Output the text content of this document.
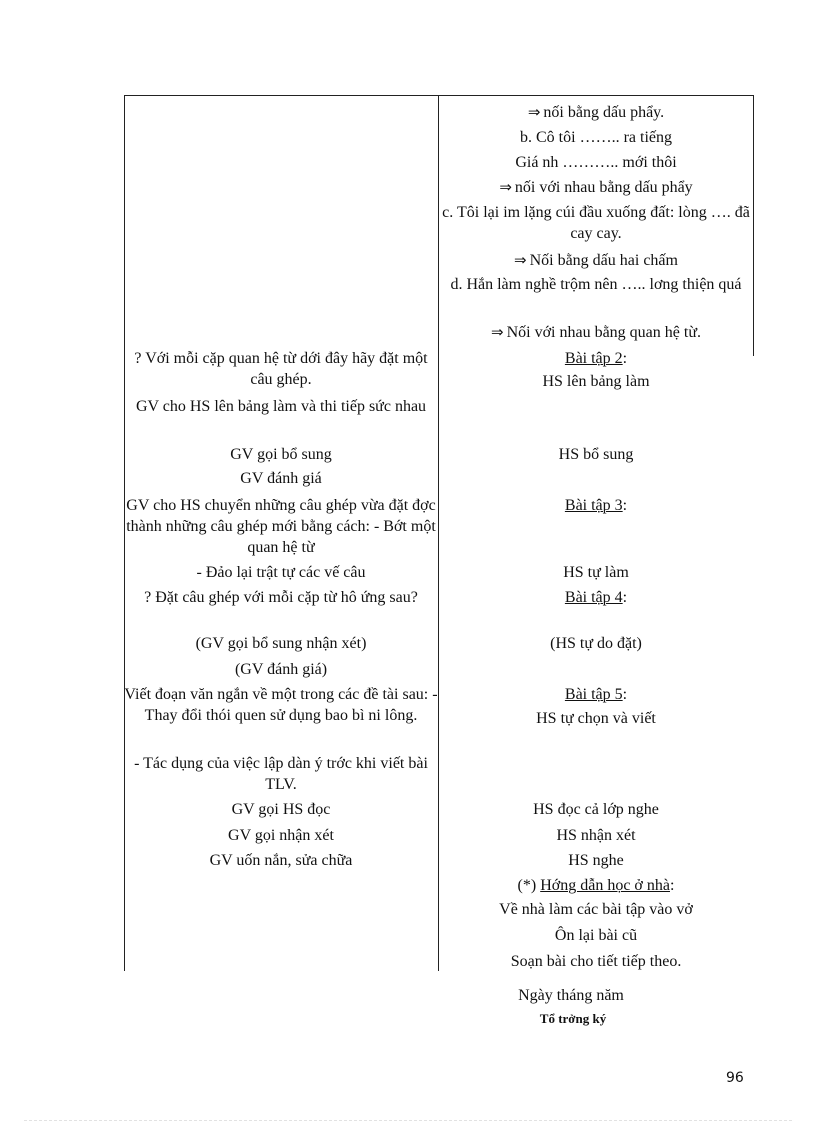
? Với mỗi cặp quan hệ từ dới đây hãy đặt một câu ghép.
GV cho HS lên bảng làm và thi tiếp sức nhau
GV gọi bổ sung
GV đánh giá
GV cho HS chuyển những câu ghép vừa đặt đợc thành những câu ghép mới bằng cách: - Bớt một quan hệ từ
- Đảo lại trật tự các vế câu
? Đặt câu ghép với mỗi cặp từ hô ứng sau?
(GV gọi bổ sung nhận xét)
(GV đánh giá)
Viết đoạn văn ngắn về một trong các đề tài sau: - Thay đổi thói quen sử dụng bao bì ni lông.
- Tác dụng của việc lập dàn ý trớc khi viết bài TLV.
GV gọi HS đọc
GV gọi nhận xét
GV uốn nắn, sửa chữa
⇒ nối bằng dấu phẩy.
b. Cô tôi …….. ra tiếng
Giá nh ……….. mới thôi
⇒ nối với nhau bằng dấu phẩy
c. Tôi lại im lặng cúi đầu xuống đất: lòng …. đã cay cay.
⇒ Nối bằng dấu hai chấm
d. Hắn làm nghề trộm nên ….. lơng thiện quá
⇒ Nối với nhau bằng quan hệ từ.
Bài tập 2:
HS lên bảng làm
HS bổ sung
Bài tập 3:
HS tự làm
Bài tập 4:
(HS tự do đặt)
Bài tập 5:
HS tự chọn và viết
HS đọc cả lớp nghe
HS nhận xét
HS nghe
(*) Hớng dẫn học ở nhà:
Về nhà làm các bài tập vào vở
Ôn lại bài cũ
Soạn bài cho tiết tiếp theo.
Ngày tháng năm
Tổ trởng ký
96
